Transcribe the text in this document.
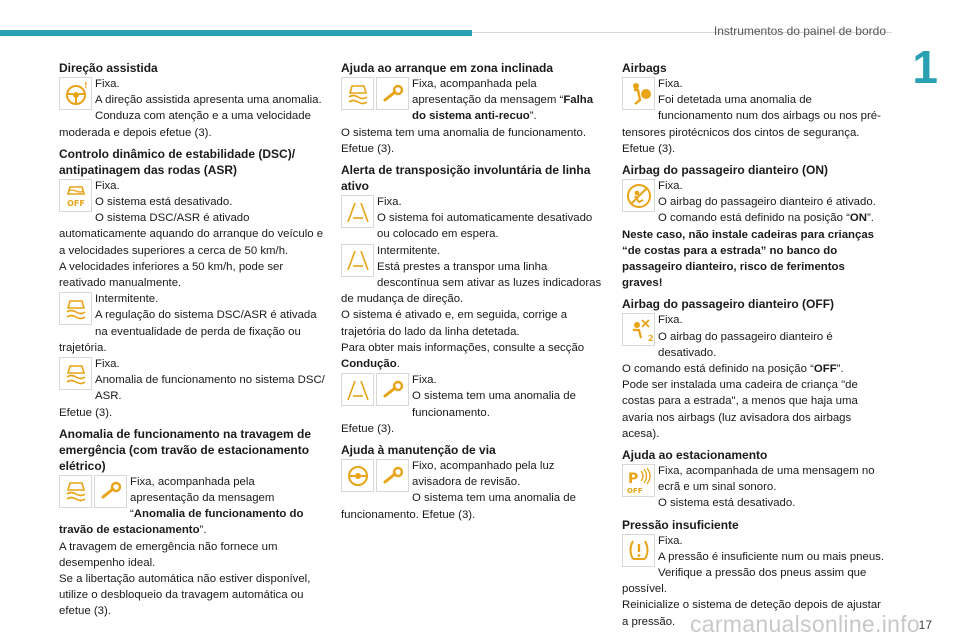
Instrumentos do painel de bordo
1
Direção assistida
! Fixa.
A direção assistida apresenta uma anomalia.
Conduza com atenção e a uma velocidade moderada e depois efetue (3).
Controlo dinâmico de estabilidade (DSC)/ antipatinagem das rodas (ASR)
OFF
Fixa.
O sistema está desativado.
O sistema DSC/ASR é ativado automaticamente aquando do arranque do veículo e a velocidades superiores a cerca de 50 km/h.
A velocidades inferiores a 50 km/h, pode ser reativado manualmente.
Intermitente.
A regulação do sistema DSC/ASR é ativada na eventualidade de perda de fixação ou trajetória.
Fixa.
Anomalia de funcionamento no sistema DSC/ ASR.
Efetue (3).
Anomalia de funcionamento na travagem de emergência (com travão de estacionamento elétrico)
Fixa, acompanhada pela apresentação da mensagem “Anomalia de funcionamento do travão de estacionamento”.
A travagem de emergência não fornece um desempenho ideal.
Se a libertação automática não estiver disponível, utilize o desbloqueio da travagem automática ou efetue (3).
Ajuda ao arranque em zona inclinada
Fixa, acompanhada pela apresentação da mensagem “Falha do sistema anti-recuo”.
O sistema tem uma anomalia de funcionamento. Efetue (3).
Alerta de transposição involuntária de linha ativo
Fixa.
O sistema foi automaticamente desativado ou colocado em espera.
Intermitente.
Está prestes a transpor uma linha descontínua sem ativar as luzes indicadoras de mudança de direção.
O sistema é ativado e, em seguida, corrige a trajetória do lado da linha detetada.
Para obter mais informações, consulte a secção Condução.
Fixa.
O sistema tem uma anomalia de funcionamento.
Efetue (3).
Ajuda à manutenção de via
Fixo, acompanhado pela luz avisadora de revisão.
O sistema tem uma anomalia de funcionamento. Efetue (3).
Airbags
Fixa.
Foi detetada uma anomalia de funcionamento num dos airbags ou nos pré-tensores pirotécnicos dos cintos de segurança.
Efetue (3).
Airbag do passageiro dianteiro (ON)
Fixa.
O airbag do passageiro dianteiro é ativado.
O comando está definido na posição “ON”.
Neste caso, não instale cadeiras para crianças “de costas para a estrada” no banco do passageiro dianteiro, risco de ferimentos graves!
Airbag do passageiro dianteiro (OFF)
2
Fixa.
O airbag do passageiro dianteiro é desativado.
O comando está definido na posição “OFF”.
Pode ser instalada uma cadeira de criança "de costas para a estrada", a menos que haja uma avaria nos airbags (luz avisadora dos airbags acesa).
Ajuda ao estacionamento
P
OFF
Fixa, acompanhada de uma mensagem no ecrã e um sinal sonoro.
O sistema está desativado.
Pressão insuficiente
Fixa.
A pressão é insuficiente num ou mais pneus.
Verifique a pressão dos pneus assim que possível.
Reinicialize o sistema de deteção depois de ajustar a pressão. carmanualsonline.info
17
